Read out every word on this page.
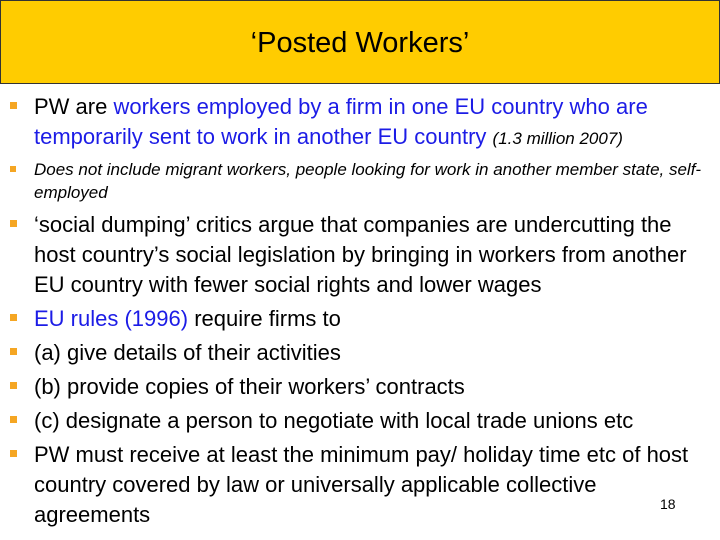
‘Posted Workers’
PW are workers employed by a firm in one EU country who are temporarily sent to work in another EU country (1.3 million 2007)
Does not include migrant workers, people looking for work in another member state, self-employed
‘social dumping’ critics argue that companies are undercutting the host country’s social legislation by bringing in workers from another EU country with fewer social rights and lower wages
EU rules (1996) require firms to
(a) give details of their activities
(b) provide copies of their workers’ contracts
(c) designate a person to negotiate with local trade unions etc
PW must receive at least the minimum pay/ holiday time etc of host country covered by law or universally applicable collective agreements	18
